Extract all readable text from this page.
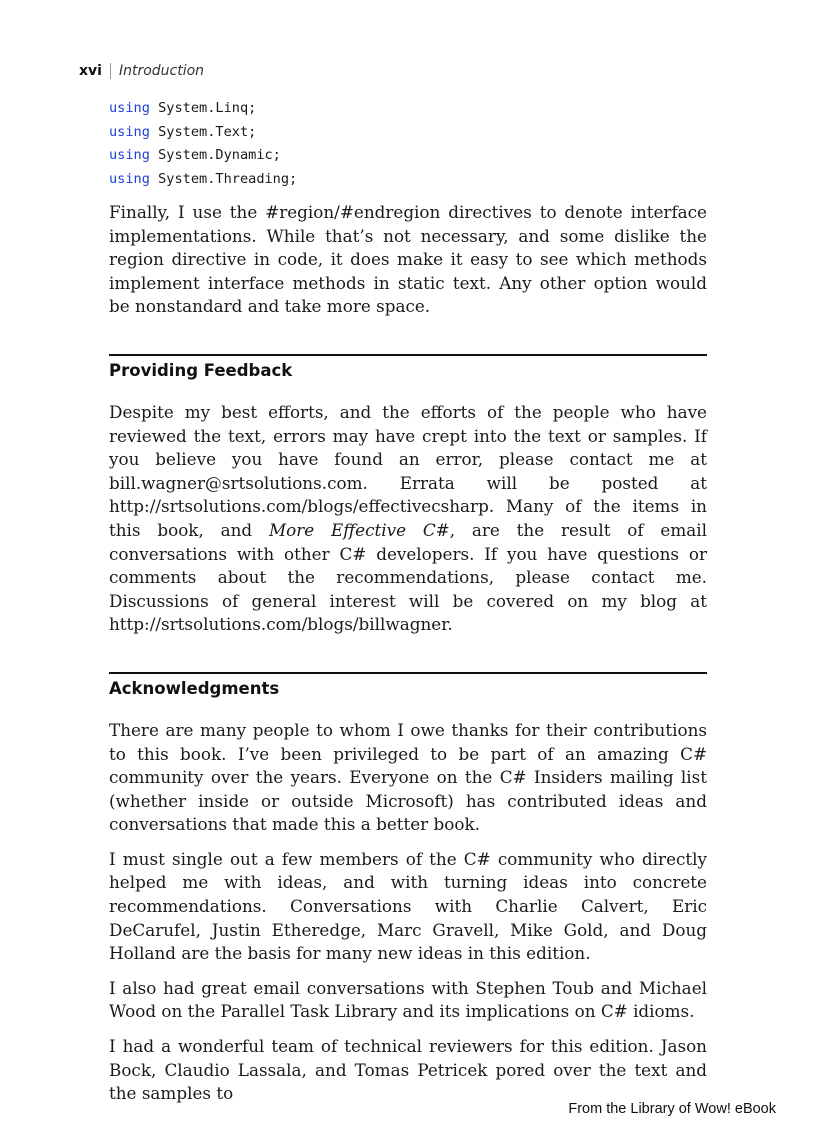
xvi Introduction
using System.Linq;
using System.Text;
using System.Dynamic;
using System.Threading;

Finally, I use the #region/#endregion directives to denote interface implementations. While that’s not necessary, and some dislike the region directive in code, it does make it easy to see which methods implement interface methods in static text. Any other option would be nonstandard and take more space.

Providing Feedback

Despite my best efforts, and the efforts of the people who have reviewed the text, errors may have crept into the text or samples. If you believe you have found an error, please contact me at bill.wagner@srtsolutions.com. Errata will be posted at http://srtsolutions.com/blogs/effectivecsharp. Many of the items in this book, and More Effective C#, are the result of email conversations with other C# developers. If you have questions or comments about the recommendations, please contact me. Discussions of general interest will be covered on my blog at http://srtsolutions.com/blogs/billwagner.

Acknowledgments

There are many people to whom I owe thanks for their contributions to this book. I’ve been privileged to be part of an amazing C# community over the years. Everyone on the C# Insiders mailing list (whether inside or outside Microsoft) has contributed ideas and conversations that made this a better book.

I must single out a few members of the C# community who directly helped me with ideas, and with turning ideas into concrete recommendations. Conversations with Charlie Calvert, Eric DeCarufel, Justin Etheredge, Marc Gravell, Mike Gold, and Doug Holland are the basis for many new ideas in this edition.

I also had great email conversations with Stephen Toub and Michael Wood on the Parallel Task Library and its implications on C# idioms.

I had a wonderful team of technical reviewers for this edition. Jason Bock, Claudio Lassala, and Tomas Petricek pored over the text and the samples to

From the Library of Wow! eBook
